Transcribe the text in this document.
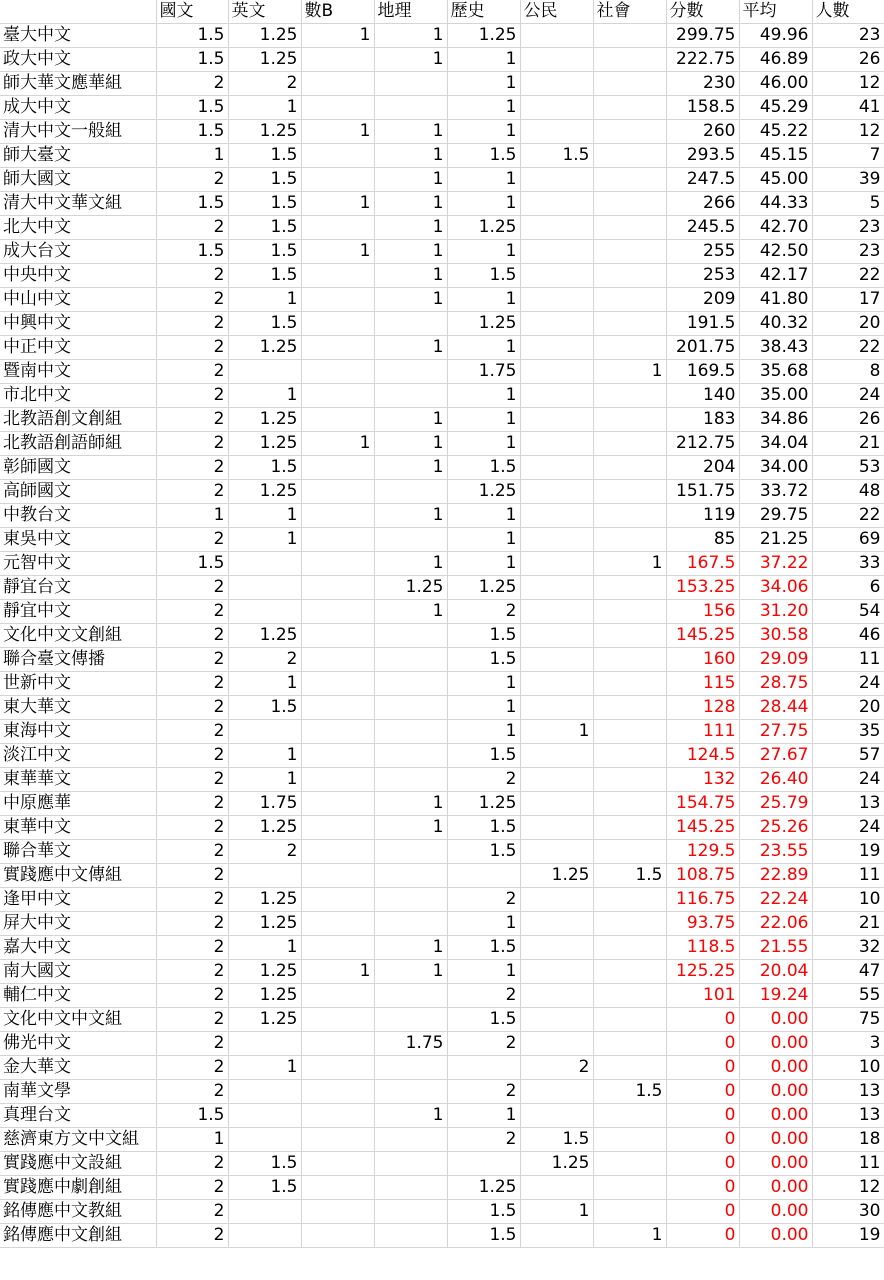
	國文	英文	數B	地理	歷史	公民	社會	分數	平均	人數
臺大中文	1.5	1.25	1	1	1.25			299.75	49.96	23
政大中文	1.5	1.25		1	1			222.75	46.89	26
師大華文應華組	2	2			1			230	46.00	12
成大中文	1.5	1			1			158.5	45.29	41
清大中文一般組	1.5	1.25	1	1	1			260	45.22	12
師大臺文	1	1.5		1	1.5	1.5		293.5	45.15	7
師大國文	2	1.5		1	1			247.5	45.00	39
清大中文華文組	1.5	1.5	1	1	1			266	44.33	5
北大中文	2	1.5		1	1.25			245.5	42.70	23
成大台文	1.5	1.5	1	1	1			255	42.50	23
中央中文	2	1.5		1	1.5			253	42.17	22
中山中文	2	1		1	1			209	41.80	17
中興中文	2	1.5			1.25			191.5	40.32	20
中正中文	2	1.25		1	1			201.75	38.43	22
暨南中文	2				1.75		1	169.5	35.68	8
市北中文	2	1			1			140	35.00	24
北教語創文創組	2	1.25		1	1			183	34.86	26
北教語創語師組	2	1.25	1	1	1			212.75	34.04	21
彰師國文	2	1.5		1	1.5			204	34.00	53
高師國文	2	1.25			1.25			151.75	33.72	48
中教台文	1	1		1	1			119	29.75	22
東吳中文	2	1			1			85	21.25	69
元智中文	1.5			1	1		1	167.5	37.22	33
靜宜台文	2			1.25	1.25			153.25	34.06	6
靜宜中文	2			1	2			156	31.20	54
文化中文文創組	2	1.25			1.5			145.25	30.58	46
聯合臺文傳播	2	2			1.5			160	29.09	11
世新中文	2	1			1			115	28.75	24
東大華文	2	1.5			1			128	28.44	20
東海中文	2				1	1		111	27.75	35
淡江中文	2	1			1.5			124.5	27.67	57
東華華文	2	1			2			132	26.40	24
中原應華	2	1.75		1	1.25			154.75	25.79	13
東華中文	2	1.25		1	1.5			145.25	25.26	24
聯合華文	2	2			1.5			129.5	23.55	19
實踐應中文傳組	2					1.25	1.5	108.75	22.89	11
逢甲中文	2	1.25			2			116.75	22.24	10
屏大中文	2	1.25			1			93.75	22.06	21
嘉大中文	2	1		1	1.5			118.5	21.55	32
南大國文	2	1.25	1	1	1			125.25	20.04	47
輔仁中文	2	1.25			2			101	19.24	55
文化中文中文組	2	1.25			1.5			0	0.00	75
佛光中文	2			1.75	2			0	0.00	3
金大華文	2	1				2		0	0.00	10
南華文學	2				2		1.5	0	0.00	13
真理台文	1.5			1	1			0	0.00	13
慈濟東方文中文組	1				2	1.5		0	0.00	18
實踐應中文設組	2	1.5				1.25		0	0.00	11
實踐應中劇創組	2	1.5			1.25			0	0.00	12
銘傳應中文教組	2				1.5	1		0	0.00	30
銘傳應中文創組	2				1.5		1	0	0.00	19
